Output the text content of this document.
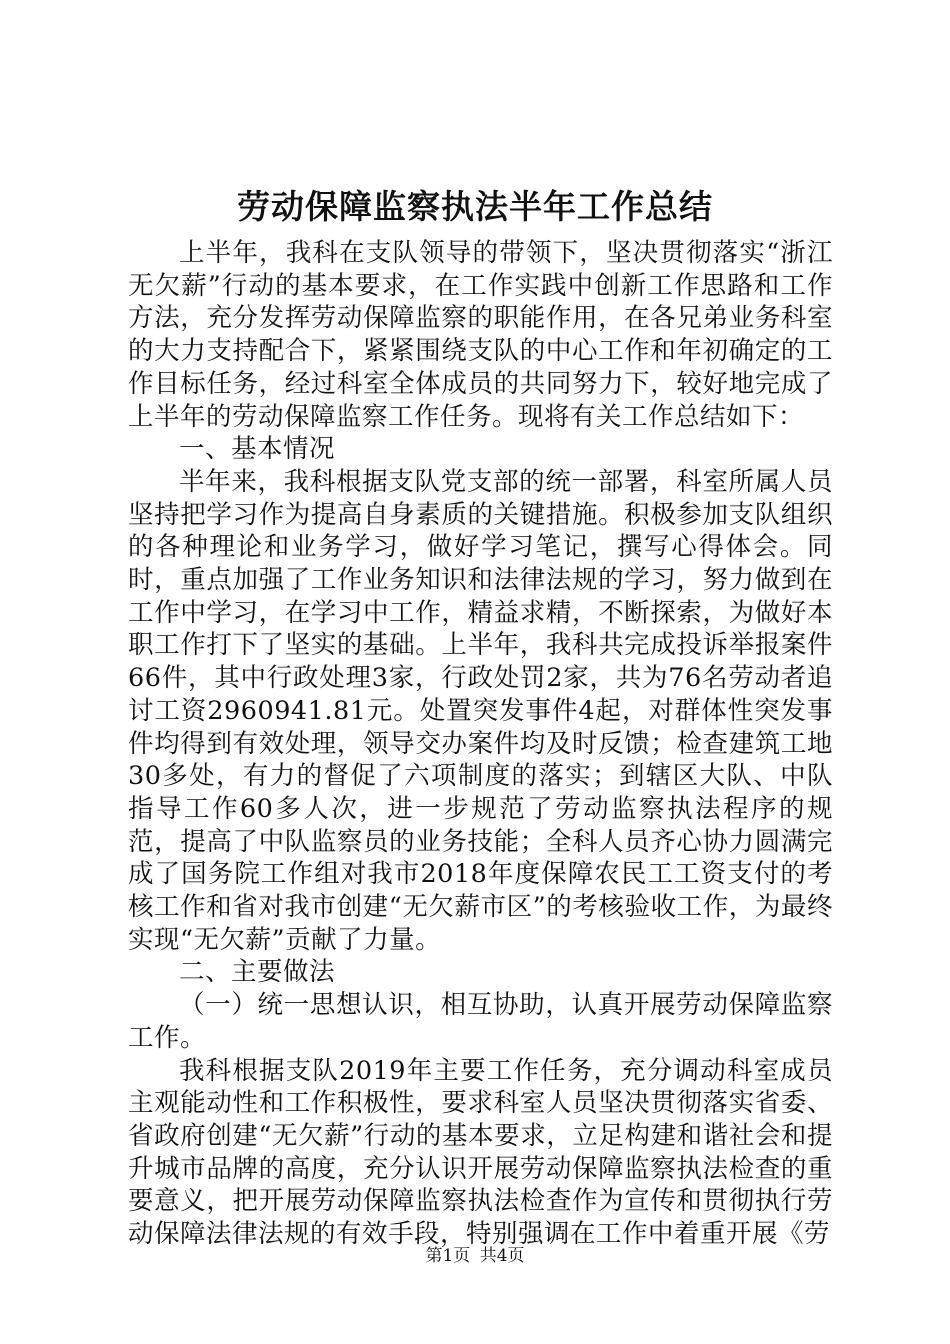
劳动保障监察执法半年工作总结

上半年，我科在支队领导的带领下，坚决贯彻落实“浙江无欠薪”行动的基本要求，在工作实践中创新工作思路和工作方法，充分发挥劳动保障监察的职能作用，在各兄弟业务科室的大力支持配合下，紧紧围绕支队的中心工作和年初确定的工作目标任务，经过科室全体成员的共同努力下，较好地完成了上半年的劳动保障监察工作任务。现将有关工作总结如下：

一、基本情况

半年来，我科根据支队党支部的统一部署，科室所属人员坚持把学习作为提高自身素质的关键措施。积极参加支队组织的各种理论和业务学习，做好学习笔记，撰写心得体会。同时，重点加强了工作业务知识和法律法规的学习，努力做到在工作中学习，在学习中工作，精益求精，不断探索，为做好本职工作打下了坚实的基础。上半年，我科共完成投诉举报案件66件，其中行政处理3家，行政处罚2家，共为76名劳动者追讨工资2960941.81元。处置突发事件4起，对群体性突发事件均得到有效处理，领导交办案件均及时反馈；检查建筑工地30多处，有力的督促了六项制度的落实；到辖区大队、中队指导工作60多人次，进一步规范了劳动监察执法程序的规范，提高了中队监察员的业务技能；全科人员齐心协力圆满完成了国务院工作组对我市2018年度保障农民工工资支付的考核工作和省对我市创建“无欠薪市区”的考核验收工作，为最终实现“无欠薪”贡献了力量。

二、主要做法

（一）统一思想认识，相互协助，认真开展劳动保障监察工作。

我科根据支队2019年主要工作任务，充分调动科室成员主观能动性和工作积极性，要求科室人员坚决贯彻落实省委、省政府创建“无欠薪”行动的基本要求，立足构建和谐社会和提升城市品牌的高度，充分认识开展劳动保障监察执法检查的重要意义，把开展劳动保障监察执法检查作为宣传和贯彻执行劳动保障法律法规的有效手段，特别强调在工作中着重开展《劳

第1页 共4页
